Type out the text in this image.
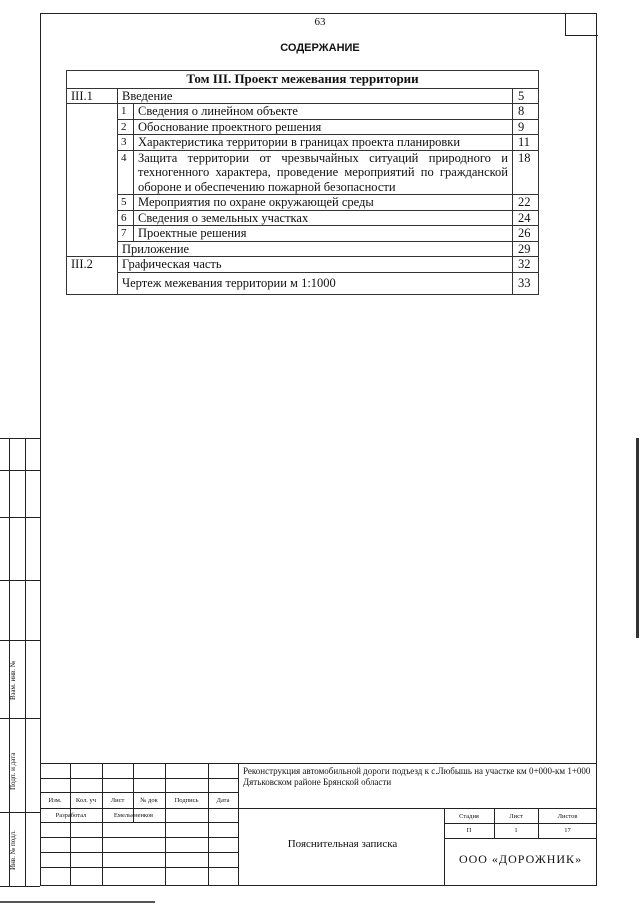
63
СОДЕРЖАНИЕ
Том III. Проект межевания территории			
III.1	Введение		5
	1	Сведения о линейном объекте	8
	2	Обоснование проектного решения	9
	3	Характеристика территории в границах проекта планировки	11
	4	Защита территории от чрезвычайных ситуаций природного и техногенного характера, проведение мероприятий по гражданской обороне и обеспечению пожарной безопасности	18
	5	Мероприятия по охране окружающей среды	22
	6	Сведения о земельных участках	24
	7	Проектные решения	26
	Приложение		29
III.2	Графическая часть		32
	Чертеж межевания территории м 1:1000		33
Взам. инв. №
Подп. и дата
Инв. № подл.
Изм.	Кол. уч	Лист	№ док	Подпись	Дата
Разработал	Емельяненков
Реконструкция автомобильной дороги подъезд к с.Любышь на участке км 0+000-км 1+000 Дятьковском районе Брянской области
Пояснительная записка
Стадия	Лист	Листов
П	1	17
ООО «ДОРОЖНИК»
